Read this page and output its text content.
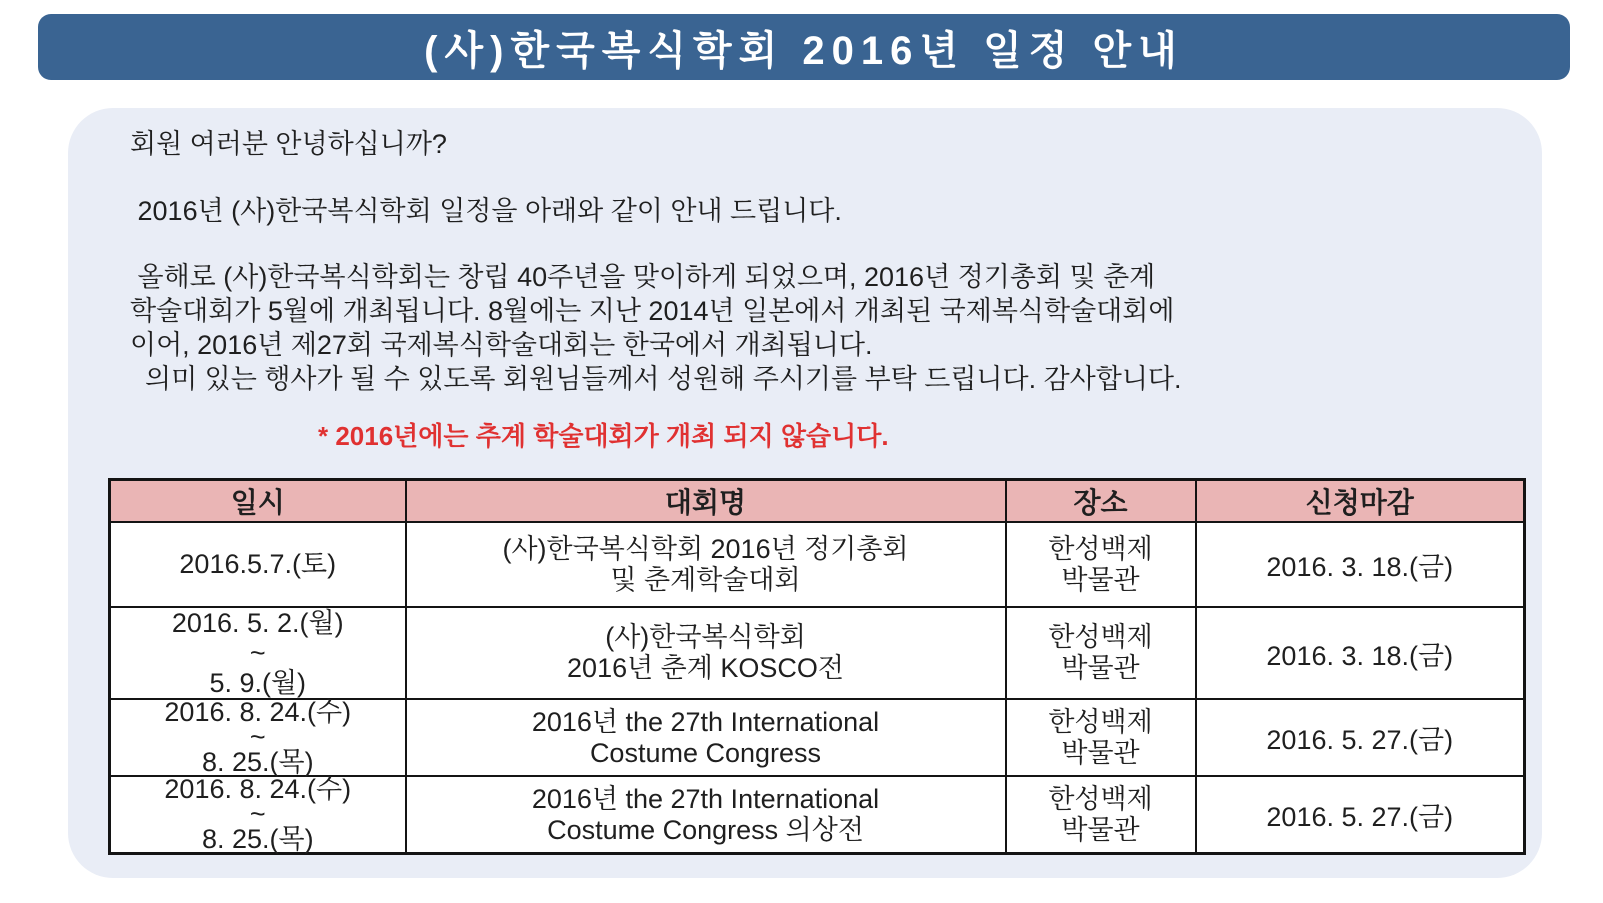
(사)한국복식학회 2016년 일정 안내
회원 여러분 안녕하십니까?
2016년 (사)한국복식학회 일정을 아래와 같이 안내 드립니다.
올해로 (사)한국복식학회는 창립 40주년을 맞이하게 되었으며, 2016년 정기총회 및 춘계
학술대회가 5월에 개최됩니다. 8월에는 지난 2014년 일본에서 개최된 국제복식학술대회에
이어, 2016년 제27회 국제복식학술대회는 한국에서 개최됩니다.
의미 있는 행사가 될 수 있도록 회원님들께서 성원해 주시기를 부탁 드립니다. 감사합니다.
* 2016년에는 추계 학술대회가 개최 되지 않습니다.
일시	대회명	장소	신청마감

2016.5.7.(토)	(사)한국복식학회 2016년 정기총회
및 춘계학술대회	한성백제
박물관	2016. 3. 18.(금)

2016. 5. 2.(월)
~
5. 9.(월)	(사)한국복식학회
2016년 춘계 KOSCO전	한성백제
박물관	2016. 3. 18.(금)

2016. 8. 24.(수)
~
8. 25.(목)	2016년 the 27th International
Costume Congress	한성백제
박물관	2016. 5. 27.(금)

2016. 8. 24.(수)
~
8. 25.(목)	2016년 the 27th International
Costume Congress 의상전	한성백제
박물관	2016. 5. 27.(금)
